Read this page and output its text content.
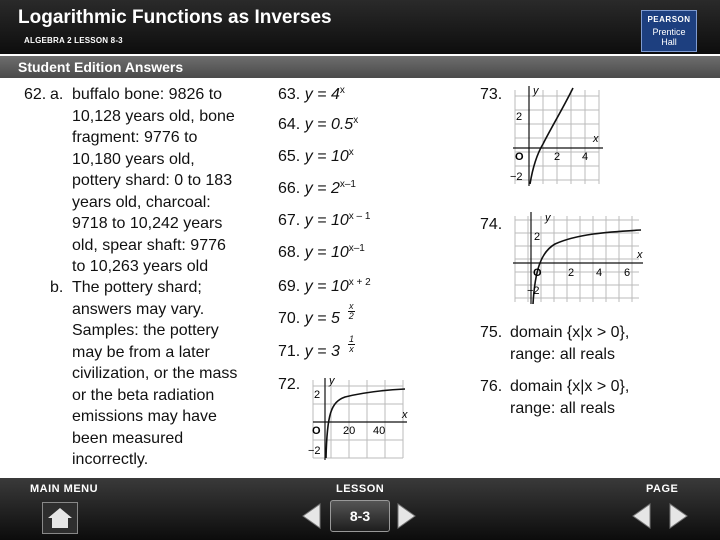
Logarithmic Functions as Inverses
ALGEBRA 2 LESSON 8-3
PEARSON
Prentice
Hall
Student Edition Answers
62. a. buffalo bone: 9826 to
10,128 years old, bone
fragment: 9776 to
10,180 years old,
pottery shard: 0 to 183
years old, charcoal:
9718 to 10,242 years
old, spear shaft: 9776
to 10,263 years old
b. The pottery shard;
answers may vary.
Samples: the pottery
may be from a later
civilization, or the mass
or the beta radiation
emissions may have
been measured
incorrectly.
63. $y = 4^x$
64. $y = 0.5^x$
65. $y = 10^x$
66. $y = 2^{x-1}$
67. $y = 10^{x - 1}$
68. $y = 10^{x-1}$
69. $y = 10^{x + 2}$
70. $y = 5 \frac{x}{2}$
71. $y = 3 \frac{1}{x}$
72.	y
x
2
−2
O 20 40
73.	y
x
2
−2
O	2 4
74.	y
x
2
−2
O 2 4 6
75. domain {x|x > 0},
range: all reals
76. domain {x|x > 0},
range: all reals
MAIN MENU	LESSON	PAGE
8-3
